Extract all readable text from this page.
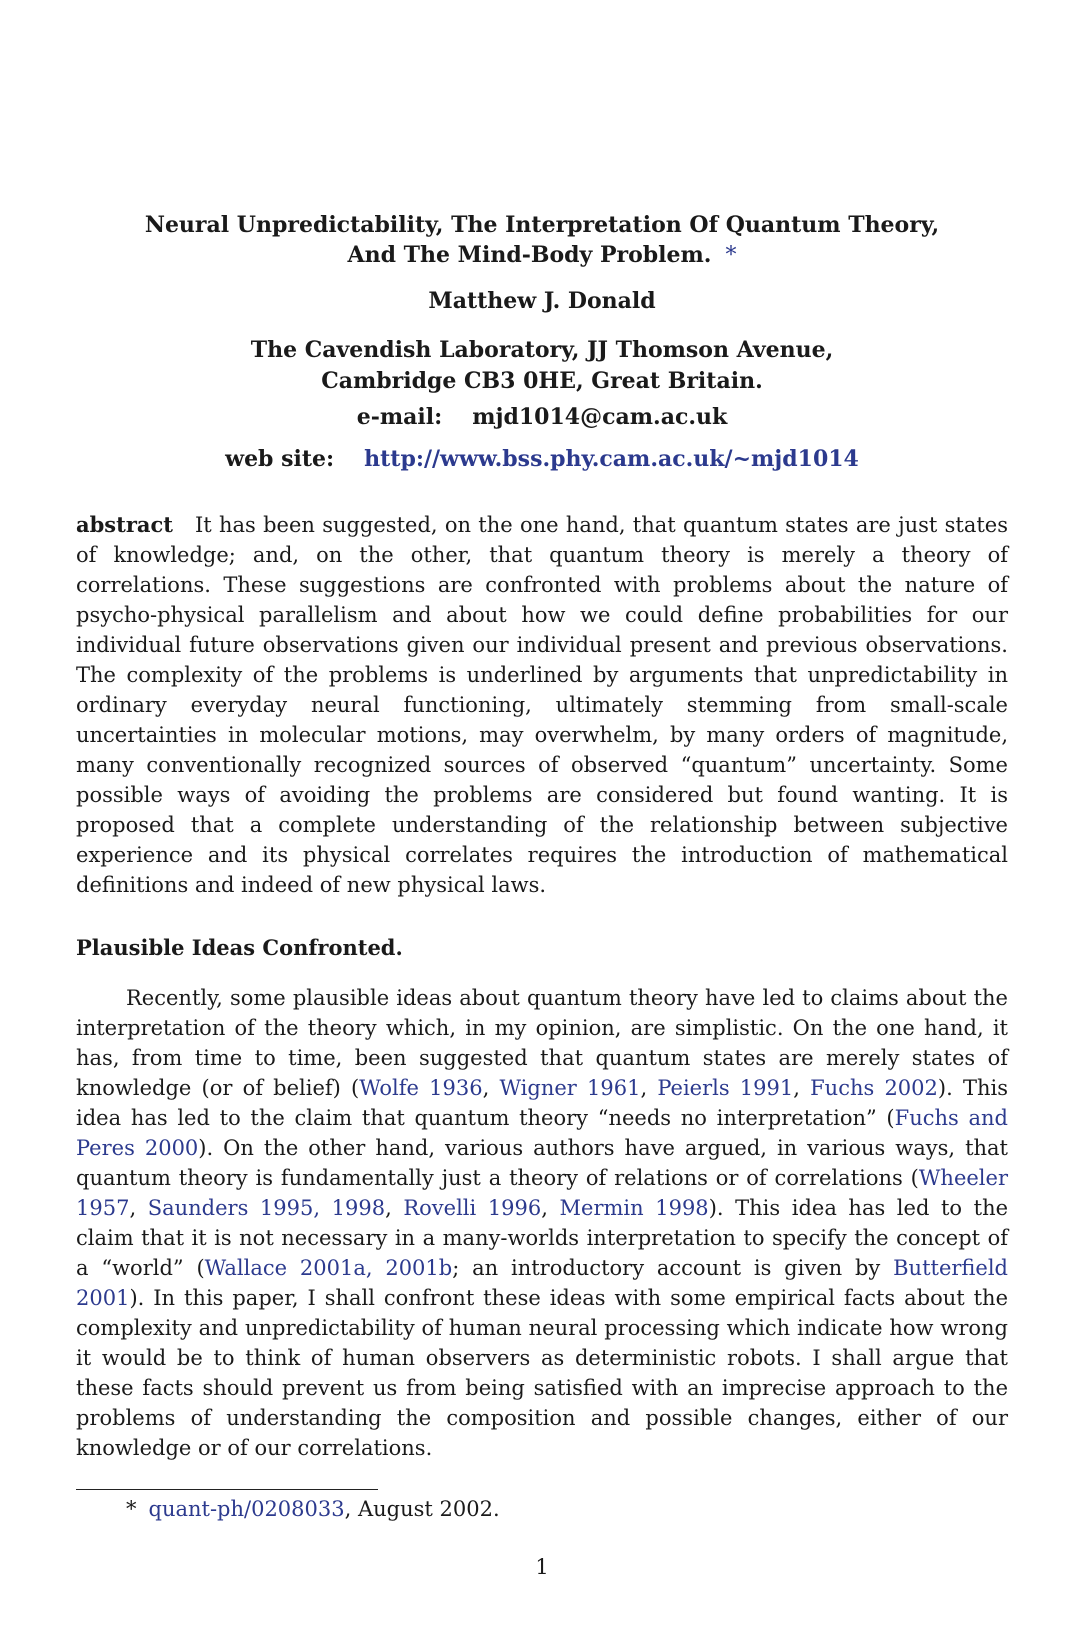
Neural Unpredictability, The Interpretation Of Quantum Theory,
And The Mind-Body Problem. *
Matthew J. Donald
The Cavendish Laboratory, JJ Thomson Avenue,
Cambridge CB3 0HE, Great Britain.
e-mail: mjd1014@cam.ac.uk
web site: http://www.bss.phy.cam.ac.uk/~mjd1014
abstract It has been suggested, on the one hand, that quantum states are just states of knowledge; and, on the other, that quantum theory is merely a theory of correlations. These suggestions are confronted with problems about the nature of psycho-physical parallelism and about how we could define probabilities for our individual future observations given our individual present and previous observations. The complexity of the problems is underlined by arguments that unpredictability in ordinary everyday neural functioning, ultimately stemming from small-scale uncertainties in molecular motions, may overwhelm, by many orders of magnitude, many conventionally recognized sources of observed “quantum” uncertainty. Some possible ways of avoiding the problems are considered but found wanting. It is proposed that a complete understanding of the relationship between subjective experience and its physical correlates requires the introduction of mathematical definitions and indeed of new physical laws.
Plausible Ideas Confronted.
Recently, some plausible ideas about quantum theory have led to claims about the interpretation of the theory which, in my opinion, are simplistic. On the one hand, it has, from time to time, been suggested that quantum states are merely states of knowledge (or of belief) (Wolfe 1936, Wigner 1961, Peierls 1991, Fuchs 2002). This idea has led to the claim that quantum theory “needs no interpretation” (Fuchs and Peres 2000). On the other hand, various authors have argued, in various ways, that quantum theory is fundamentally just a theory of relations or of correlations (Wheeler 1957, Saunders 1995, 1998, Rovelli 1996, Mermin 1998). This idea has led to the claim that it is not necessary in a many-worlds interpretation to specify the concept of a “world” (Wallace 2001a, 2001b; an introductory account is given by Butterfield 2001). In this paper, I shall confront these ideas with some empirical facts about the complexity and unpredictability of human neural processing which indicate how wrong it would be to think of human observers as deterministic robots. I shall argue that these facts should prevent us from being satisfied with an imprecise approach to the problems of understanding the composition and possible changes, either of our knowledge or of our correlations.
* quant-ph/0208033, August 2002.
1
